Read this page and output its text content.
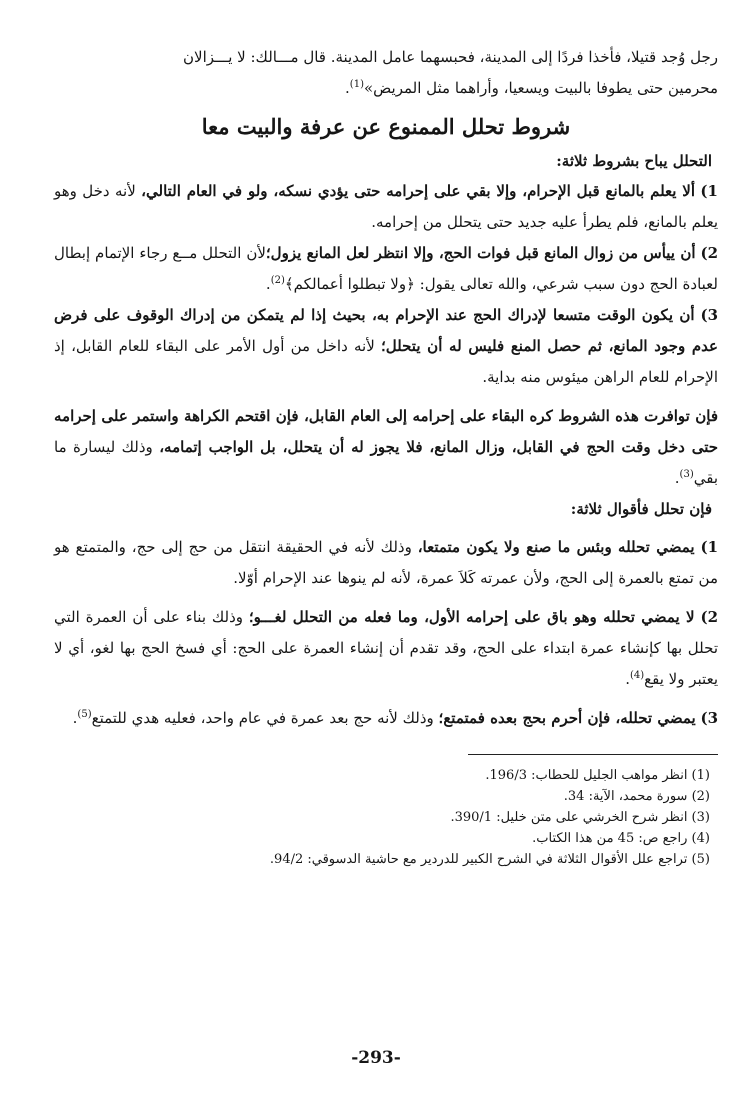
رجل وُجد قتيلا، فأخذا فردًا إلى المدينة، فحبسهما عامل المدينة. قال مـــالك: لا يـــزالان
محرمين حتى يطوفا بالبيت ويسعيا، وأراهما مثل المريض»$^{(1)}$.

شروط تحلل الممنوع عن عرفة والبيت معا

التحلل يباح بشروط ثلاثة:

1) ألا يعلم بالمانع قبل الإحرام، وإلا بقي على إحرامه حتى يؤدي نسكه، ولو في العام التالي، لأنه دخل وهو يعلم بالمانع، فلم يطرأ عليه جديد حتى يتحلل من إحرامه.

2) أن ييأس من زوال المانع قبل فوات الحج، وإلا انتظر لعل المانع يزول؛لأن التحلل مــع رجاء الإتمام إبطال لعبادة الحج دون سبب شرعي، والله تعالى يقول: ﴿ولا تبطلوا أعمالكم﴾$^{(2)}$.

3) أن يكون الوقت متسعا لإدراك الحج عند الإحرام به، بحيث إذا لم يتمكن من إدراك الوقوف على فرض عدم وجود المانع، ثم حصل المنع فليس له أن يتحلل؛ لأنه داخل من أول الأمر على البقاء للعام القابل، إذ الإحرام للعام الراهن ميئوس منه بداية.

فإن توافرت هذه الشروط كره البقاء على إحرامه إلى العام القابل، فإن اقتحم الكراهة واستمر على إحرامه حتى دخل وقت الحج في القابل، وزال المانع، فلا يجوز له أن يتحلل، بل الواجب إتمامه، وذلك ليسارة ما بقي$^{(3)}$.

فإن تحلل فأقوال ثلاثة:

1) يمضي تحلله وبئس ما صنع ولا يكون متمتعا، وذلك لأنه في الحقيقة انتقل من حج إلى حج، والمتمتع هو من تمتع بالعمرة إلى الحج، ولأن عمرته كَلاَ عمرة، لأنه لم ينوها عند الإحرام أوّلا.

2) لا يمضي تحلله وهو باق على إحرامه الأول، وما فعله من التحلل لغـــو؛ وذلك بناء على أن العمرة التي تحلل بها كإنشاء عمرة ابتداء على الحج، وقد تقدم أن إنشاء العمرة على الحج: أي فسخ الحج بها لغو، أي لا يعتبر ولا يقع$^{(4)}$.

3) يمضي تحلله، فإن أحرم بحج بعده فمتمتع؛ وذلك لأنه حج بعد عمرة في عام واحد، فعليه هدي للتمتع$^{(5)}$.

(1) انظر مواهب الجليل للحطاب: 196/3.

(2) سورة محمد، الآية: 34.

(3) انظر شرح الخرشي على متن خليل: 390/1.

(4) راجع ص: 45 من هذا الكتاب.

(5) تراجع علل الأقوال الثلاثة في الشرح الكبير للدردير مع حاشية الدسوقي: 94/2.

-293-
